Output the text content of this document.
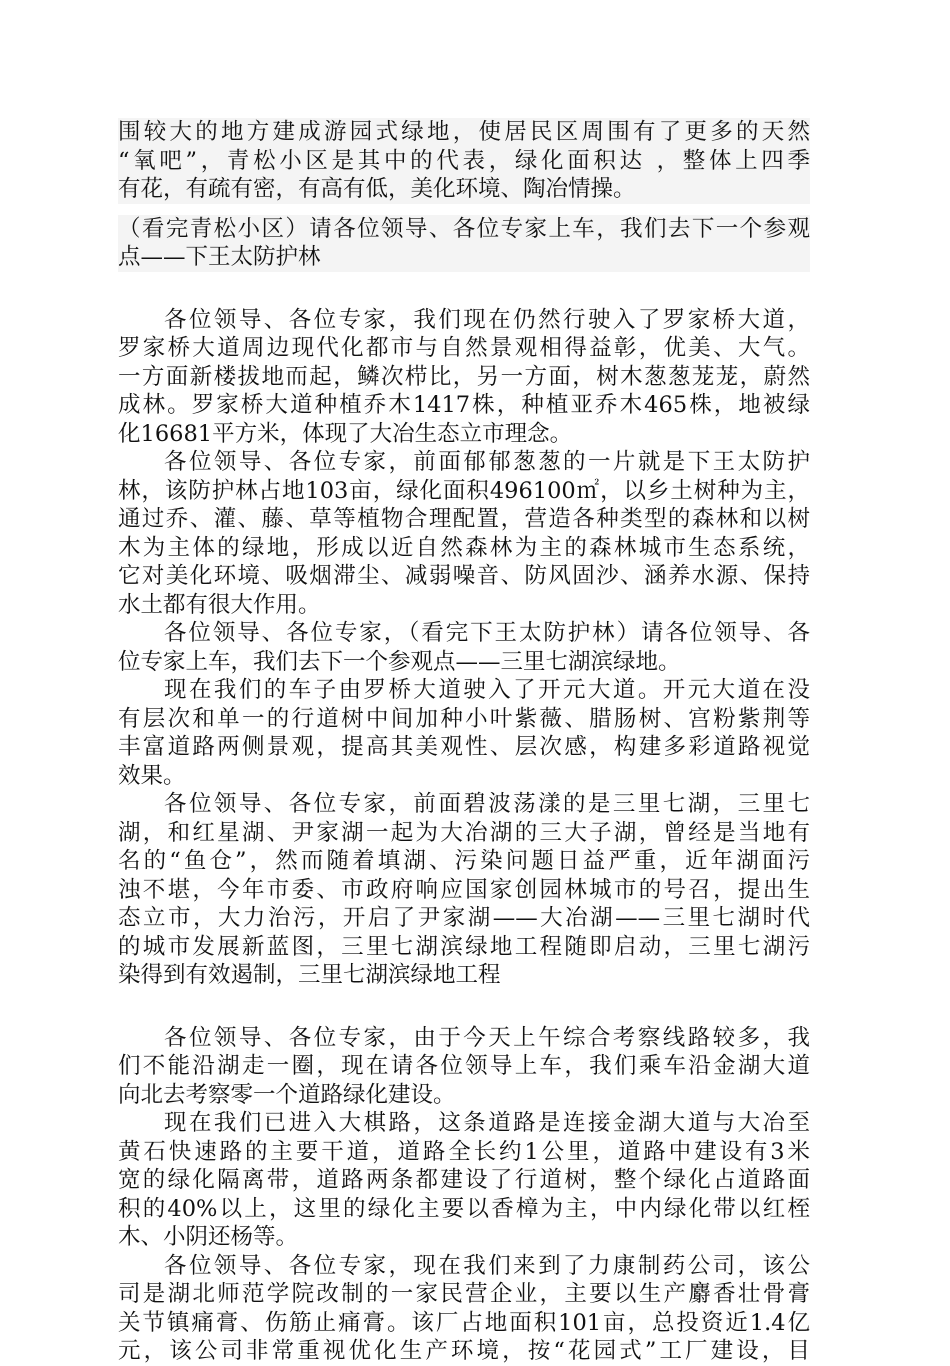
围较大的地方建成游园式绿地，使居民区周围有了更多的天然
“氧吧”，青松小区是其中的代表，绿化面积达 ，整体上四季
有花，有疏有密，有高有低，美化环境、陶冶情操。
（看完青松小区）请各位领导、各位专家上车，我们去下一个参观
点——下王太防护林
各位领导、各位专家，我们现在仍然行驶入了罗家桥大道，
罗家桥大道周边现代化都市与自然景观相得益彰，优美、大气。
一方面新楼拔地而起，鳞次栉比，另一方面，树木葱葱茏茏，蔚然
成林。罗家桥大道种植乔木1417株，种植亚乔木465株，地被绿
化16681平方米，体现了大冶生态立市理念。
各位领导、各位专家，前面郁郁葱葱的一片就是下王太防护
林，该防护林占地103亩，绿化面积496100㎡，以乡土树种为主，
通过乔、灌、藤、草等植物合理配置，营造各种类型的森林和以树
木为主体的绿地，形成以近自然森林为主的森林城市生态系统，
它对美化环境、吸烟滞尘、减弱噪音、防风固沙、涵养水源、保持
水土都有很大作用。
各位领导、各位专家，（看完下王太防护林）请各位领导、各
位专家上车，我们去下一个参观点——三里七湖滨绿地。
现在我们的车子由罗桥大道驶入了开元大道。开元大道在没
有层次和单一的行道树中间加种小叶紫薇、腊肠树、宫粉紫荆等
丰富道路两侧景观，提高其美观性、层次感，构建多彩道路视觉
效果。
各位领导、各位专家，前面碧波荡漾的是三里七湖，三里七
湖，和红星湖、尹家湖一起为大冶湖的三大子湖，曾经是当地有
名的“鱼仓”，然而随着填湖、污染问题日益严重，近年湖面污
浊不堪，今年市委、市政府响应国家创园林城市的号召，提出生
态立市，大力治污，开启了尹家湖——大冶湖——三里七湖时代
的城市发展新蓝图，三里七湖滨绿地工程随即启动，三里七湖污
染得到有效遏制，三里七湖滨绿地工程
各位领导、各位专家，由于今天上午综合考察线路较多，我
们不能沿湖走一圈，现在请各位领导上车，我们乘车沿金湖大道
向北去考察零一个道路绿化建设。
现在我们已进入大棋路，这条道路是连接金湖大道与大冶至
黄石快速路的主要干道，道路全长约1公里，道路中建设有3米
宽的绿化隔离带，道路两条都建设了行道树，整个绿化占道路面
积的40%以上，这里的绿化主要以香樟为主，中内绿化带以红桎
木、小阴还杨等。
各位领导、各位专家，现在我们来到了力康制药公司，该公
司是湖北师范学院改制的一家民营企业，主要以生产麝香壮骨膏
关节镇痛膏、伤筋止痛膏。该厂占地面积101亩，总投资近1.4亿
元，该公司非常重视优化生产环境，按“花园式”工厂建设，目
